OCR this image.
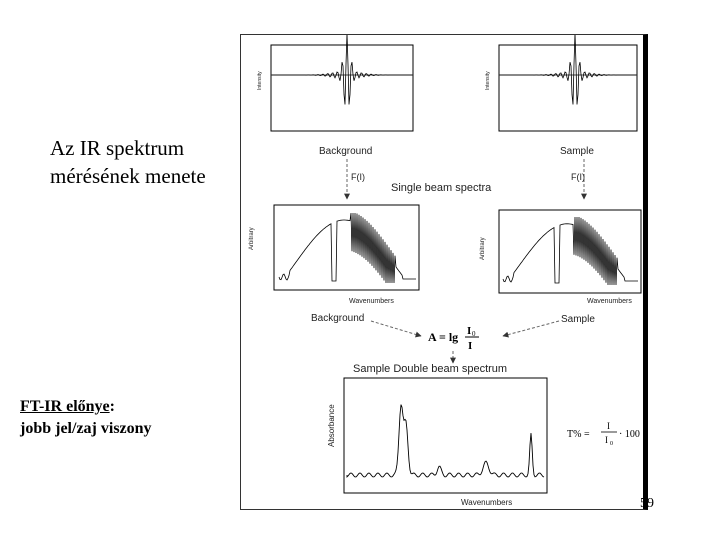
Az IR spektrum
mérésének menete
FT-IR előnye:
jobb jel/zaj viszony
Intensity	Intensity
Background	Sample
F(I)	F(I)
Single beam spectra
Arbitrary
Wavenumbers
Arbitrary
Wavenumbers
Background	Sample
A = lg I 0
I
Sample Double beam spectrum
Absorbance
Wavenumbers
T% =
I
I 0
· 100
59
